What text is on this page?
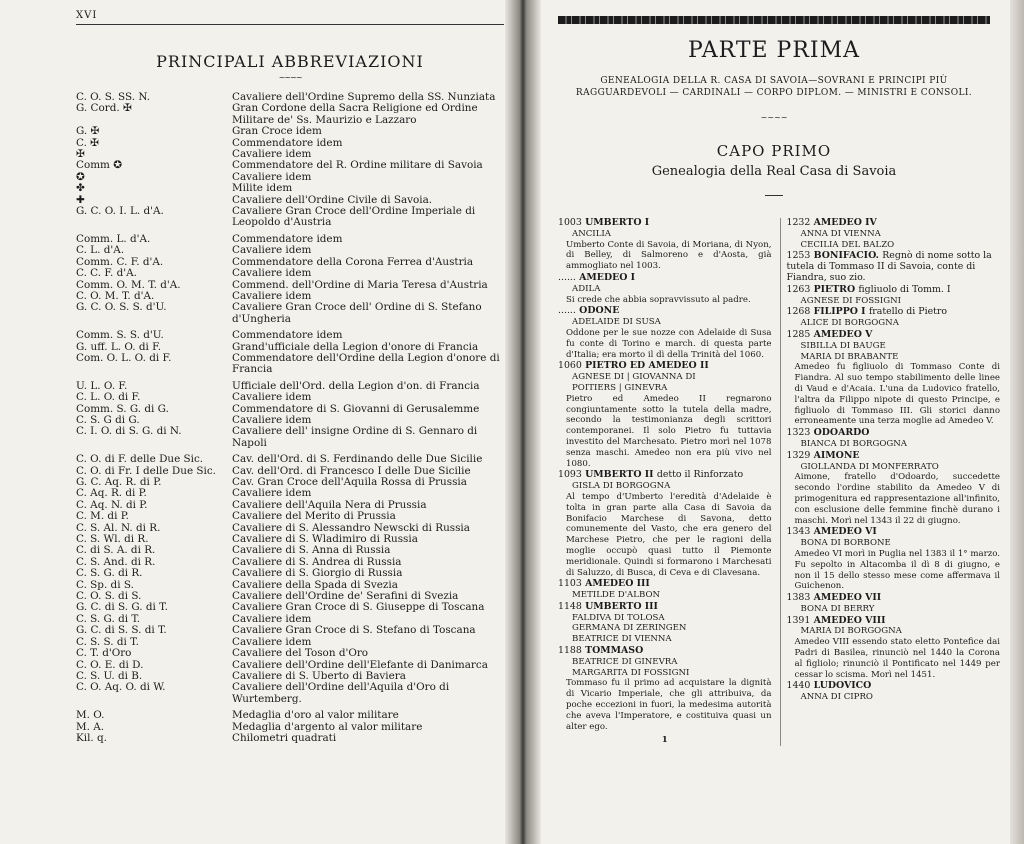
XVI
PRINCIPALI ABBREVIAZIONI
~~~~
C. O. S. SS. N.	Cavaliere dell'Ordine Supremo della SS. Nunziata
G. Cord. ✠	Gran Cordone della Sacra Religione ed Ordine Militare de' Ss. Maurizio e Lazzaro
G. ✠	Gran Croce idem
C. ✠	Commendatore idem
✠	Cavaliere idem
Comm ✪	Commendatore del R. Ordine militare di Savoia
✪	Cavaliere idem
✤	Milite idem
✚	Cavaliere dell'Ordine Civile di Savoia.
G. C. O. I. L. d'A.	Cavaliere Gran Croce dell'Ordine Imperiale di Leopoldo d'Austria
Comm. L. d'A.	Commendatore idem
C. L. d'A.	Cavaliere idem
Comm. C. F. d'A.	Commendatore della Corona Ferrea d'Austria
C. C. F. d'A.	Cavaliere idem
Comm. O. M. T. d'A.	Commend. dell'Ordine di Maria Teresa d'Austria
C. O. M. T. d'A.	Cavaliere idem
G. C. O. S. S. d'U.	Cavaliere Gran Croce dell' Ordine di S. Stefano d'Ungheria
Comm. S. S. d'U.	Commendatore idem
G. uff. L. O. di F.	Grand'ufficiale della Legion d'onore di Francia
Com. O. L. O. di F.	Commendatore dell'Ordine della Legion d'onore di Francia
U. L. O. F.	Ufficiale dell'Ord. della Legion d'on. di Francia
C. L. O. di F.	Cavaliere idem
Comm. S. G. di G.	Commendatore di S. Giovanni di Gerusalemme
C. S. G di G.	Cavaliere idem
C. I. O. di S. G. di N.	Cavaliere dell' insigne Ordine di S. Gennaro di Napoli
C. O. di F. delle Due Sic.	Cav. dell'Ord. di S. Ferdinando delle Due Sicilie
C. O. di Fr. I delle Due Sic.	Cav. dell'Ord. di Francesco I delle Due Sicilie
G. C. Aq. R. di P.	Cav. Gran Croce dell'Aquila Rossa di Prussia
C. Aq. R. di P.	Cavaliere idem
C. Aq. N. di P.	Cavaliere dell'Aquila Nera di Prussia
C. M. di P.	Cavaliere del Merito di Prussia
C. S. Al. N. di R.	Cavaliere di S. Alessandro Newscki di Russia
C. S. Wl. di R.	Cavaliere di S. Wladimiro di Russia
C. di S. A. di R.	Cavaliere di S. Anna di Russia
C. S. And. di R.	Cavaliere di S. Andrea di Russia
C. S. G. di R.	Cavaliere di S. Giorgio di Russia
C. Sp. di S.	Cavaliere della Spada di Svezia
C. O. S. di S.	Cavaliere dell'Ordine de' Serafini di Svezia
G. C. di S. G. di T.	Cavaliere Gran Croce di S. Giuseppe di Toscana
C. S. G. di T.	Cavaliere idem
G. C. di S. S. di T.	Cavaliere Gran Croce di S. Stefano di Toscana
C. S. S. di T.	Cavaliere idem
C. T. d'Oro	Cavaliere del Toson d'Oro
C. O. E. di D.	Cavaliere dell'Ordine dell'Elefante di Danimarca
C. S. U. di B.	Cavaliere di S. Uberto di Baviera
C. O. Aq. O. di W.	Cavaliere dell'Ordine dell'Aquila d'Oro di Wurtemberg.
M. O.	Medaglia d'oro al valor militare
M. A.	Medaglia d'argento al valor militare
Kil. q.	Chilometri quadrati
PARTE PRIMA
GENEALOGIA DELLA R. CASA DI SAVOIA—SOVRANI E PRINCIPI PIÙ RAGGUARDEVOLI — CARDINALI — CORPO DIPLOM. — MINISTRI E CONSOLI.
~~~~
CAPO PRIMO
Genealogia della Real Casa di Savoia
1003 UMBERTO I
ANCILIA
Umberto Conte di Savoia, di Moriana, di Nyon, di Belley, di Salmoreno e d'Aosta, già ammogliato nel 1003.
...... AMEDEO I
ADILA
Si crede che abbia sopravvissuto al padre.
...... ODONE
ADELAIDE DI SUSA
Oddone per le sue nozze con Adelaide di Susa fu conte di Torino e march. di questa parte d'Italia; era morto il dì della Trinità del 1060.
1060 PIETRO ED AMEDEO II
AGNESE DI | GIOVANNA DI
POITIERS | GINEVRA
Pietro ed Amedeo II regnarono congiuntamente sotto la tutela della madre, secondo la testimonianza degli scrittori contemporanei. Il solo Pietro fu tuttavia investito del Marchesato. Pietro morì nel 1078 senza maschi. Amedeo non era più vivo nel 1080.
1093 UMBERTO II detto il Rinforzato
GISLA DI BORGOGNA
Al tempo d'Umberto l'eredità d'Adelaide è tolta in gran parte alla Casa di Savoia da Bonifacio Marchese di Savona, detto comunemente del Vasto, che era genero del Marchese Pietro, che per le ragioni della moglie occupò quasi tutto il Piemonte meridionale. Quindi si formarono i Marchesati di Saluzzo, di Busca, di Ceva e di Clavesana.
1103 AMEDEO III
METILDE D'ALBON
1148 UMBERTO III
FALDIVA DI TOLOSA
GERMANA DI ZERINGEN
BEATRICE DI VIENNA
1188 TOMMASO
BEATRICE DI GINEVRA
MARGARITA DI FOSSIGNI
Tommaso fu il primo ad acquistare la dignità di Vicario Imperiale, che gli attribuiva, da poche eccezioni in fuori, la medesima autorità che aveva l'Imperatore, e costituiva quasi un alter ego.
1
1232 AMEDEO IV
ANNA DI VIENNA
CECILIA DEL BALZO
1253 BONIFACIO. Regnò di nome sotto la tutela di Tommaso II di Savoia, conte di Fiandra, suo zio.
1263 PIETRO figliuolo di Tomm. I
AGNESE DI FOSSIGNI
1268 FILIPPO I fratello di Pietro
ALICE DI BORGOGNA
1285 AMEDEO V
SIBILLA DI BAUGE
MARIA DI BRABANTE
Amedeo fu figliuolo di Tommaso Conte di Fiandra. Al suo tempo stabilimento delle linee di Vaud e d'Acaia. L'una da Ludovico fratello, l'altra da Filippo nipote di questo Principe, e figliuolo di Tommaso III. Gli storici danno erroneamente una terza moglie ad Amedeo V.
1323 ODOARDO
BIANCA DI BORGOGNA
1329 AIMONE
GIOLLANDA DI MONFERRATO
Aimone, fratello d'Odoardo, succedette secondo l'ordine stabilito da Amedeo V di primogenitura ed rappresentazione all'infinito, con esclusione delle femmine finchè durano i maschi. Morì nel 1343 il 22 di giugno.
1343 AMEDEO VI
BONA DI BORBONE
Amedeo VI morì in Puglia nel 1383 il 1° marzo. Fu sepolto in Altacomba il dì 8 di giugno, e non il 15 dello stesso mese come affermava il Guichenon.
1383 AMEDEO VII
BONA DI BERRY
1391 AMEDEO VIII
MARIA DI BORGOGNA
Amedeo VIII essendo stato eletto Pontefice dai Padri di Basilea, rinunciò nel 1440 la Corona al figliolo; rinunciò il Pontificato nel 1449 per cessar lo scisma. Morì nel 1451.
1440 LUDOVICO
ANNA DI CIPRO
